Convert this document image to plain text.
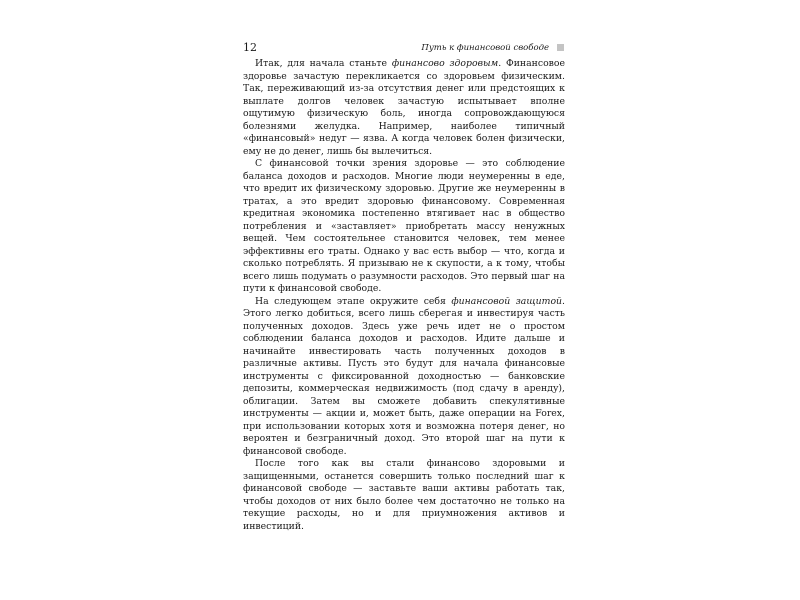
12	Путь к финансовой свободе

Итак, для начала станьте финансово здоровым. Финансовое здоровье зачастую перекликается со здоровьем физическим. Так, переживающий из-за отсутствия денег или предстоящих к выплате долгов человек зачастую испытывает вполне ощутимую физическую боль, иногда сопровождающуюся болезнями желудка. Например, наиболее типичный «финансовый» недуг — язва. А когда человек болен физически, ему не до денег, лишь бы вылечиться.

С финансовой точки зрения здоровье — это соблюдение баланса доходов и расходов. Многие люди неумеренны в еде, что вредит их физическому здоровью. Другие же неумеренны в тратах, а это вредит здоровью финансовому. Современная кредитная экономика постепенно втягивает нас в общество потребления и «заставляет» приобретать массу ненужных вещей. Чем состоятельнее становится человек, тем менее эффективны его траты. Однако у вас есть выбор — что, когда и сколько потреблять. Я призываю не к скупости, а к тому, чтобы всего лишь подумать о разумности расходов. Это первый шаг на пути к финансовой свободе.

На следующем этапе окружите себя финансовой защитой. Этого легко добиться, всего лишь сберегая и инвестируя часть полученных доходов. Здесь уже речь идет не о простом соблюдении баланса доходов и расходов. Идите дальше и начинайте инвестировать часть полученных доходов в различные активы. Пусть это будут для начала финансовые инструменты с фиксированной доходностью — банковские депозиты, коммерческая недвижимость (под сдачу в аренду), облигации. Затем вы сможете добавить спекулятивные инструменты — акции и, может быть, даже операции на Forex, при использовании которых хотя и возможна потеря денег, но вероятен и безграничный доход. Это второй шаг на пути к финансовой свободе.

После того как вы стали финансово здоровыми и защищенными, останется совершить только последний шаг к финансовой свободе — заставьте ваши активы работать так, чтобы доходов от них было более чем достаточно не только на текущие расходы, но и для приумножения активов и инвестиций.
